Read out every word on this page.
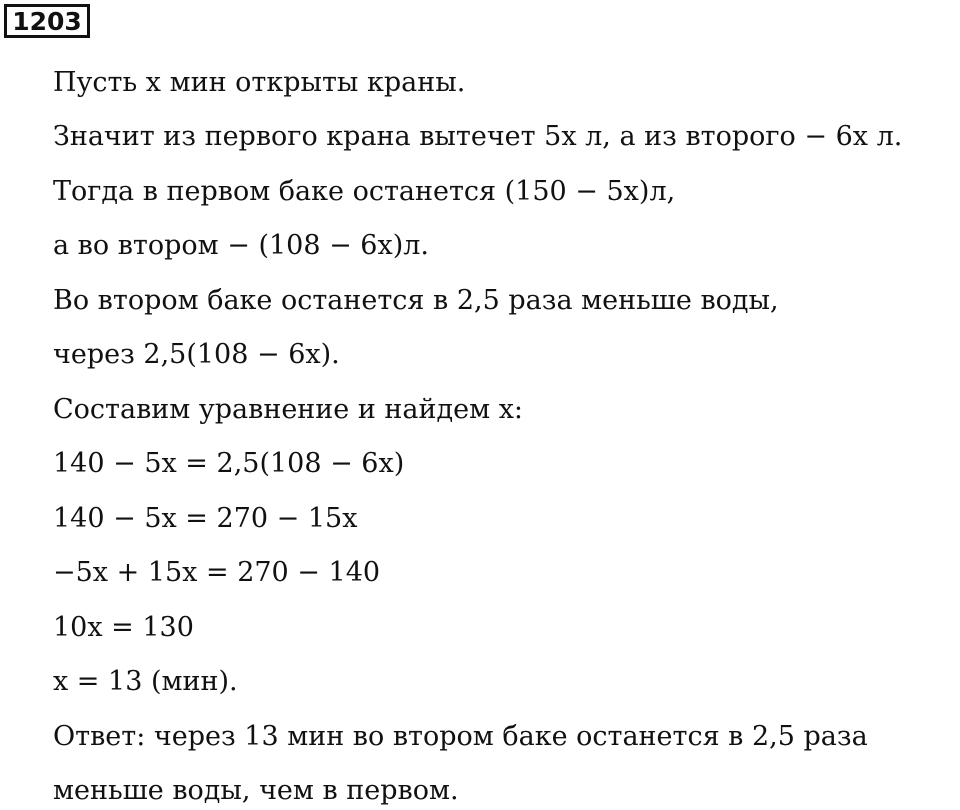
1203
Пусть x мин открыты краны.
Значит из первого крана вытечет 5x л, а из второго − 6x л.
Тогда в первом баке останется (150 − 5x)л,
а во втором − (108 − 6x)л.
Во втором баке останется в 2,5 раза меньше воды,
через 2,5(108 − 6x).
Составим уравнение и найдем x:
140 − 5x = 2,5(108 − 6x)
140 − 5x = 270 − 15x
−5x + 15x = 270 − 140
10x = 130
x = 13 (мин).
Ответ: через 13 мин во втором баке останется в 2,5 раза
меньше воды, чем в первом.
